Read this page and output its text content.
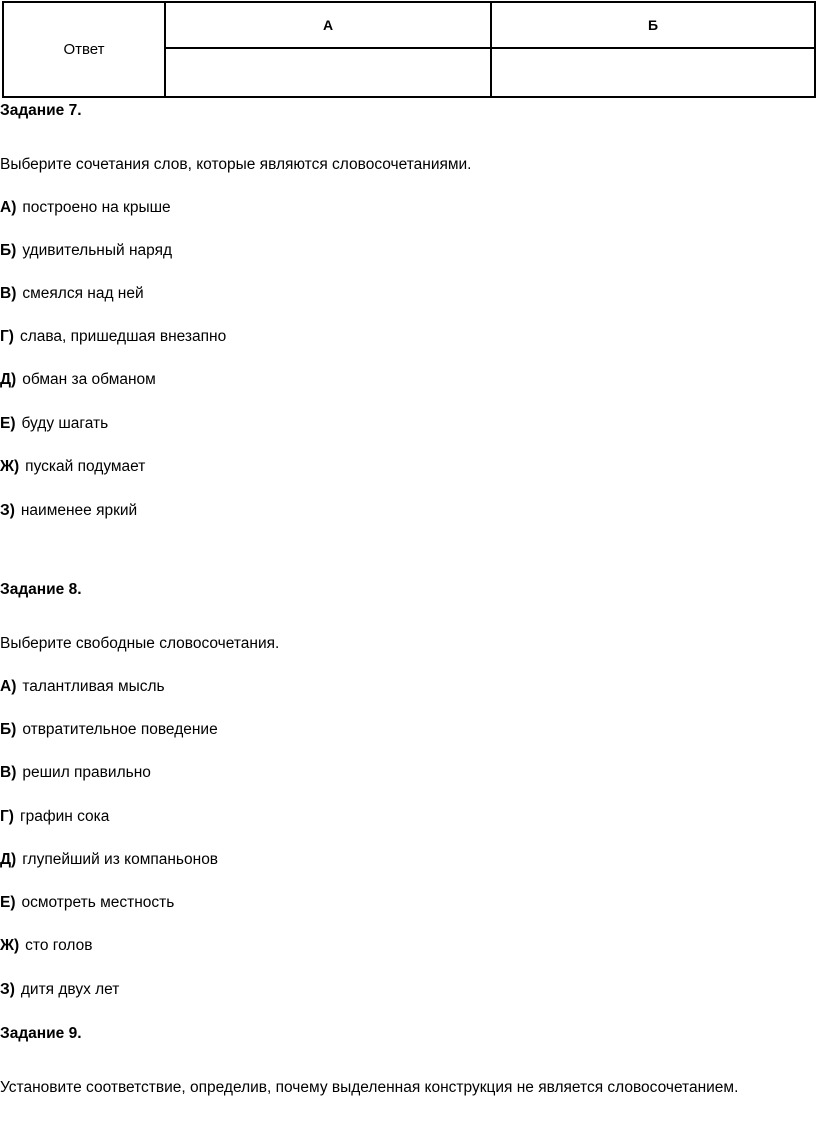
Ответ	А	Б

Задание 7.
Выберите сочетания слов, которые являются словосочетаниями.
А) построено на крыше
Б) удивительный наряд
В) смеялся над ней
Г) слава, пришедшая внезапно
Д) обман за обманом
Е) буду шагать
Ж) пускай подумает
З) наименее яркий
Задание 8.
Выберите свободные словосочетания.
А) талантливая мысль
Б) отвратительное поведение
В) решил правильно
Г) графин сока
Д) глупейший из компаньонов
Е) осмотреть местность
Ж) сто голов
З) дитя двух лет
Задание 9.
Установите соответствие, определив, почему выделенная конструкция не является словосочетанием.
